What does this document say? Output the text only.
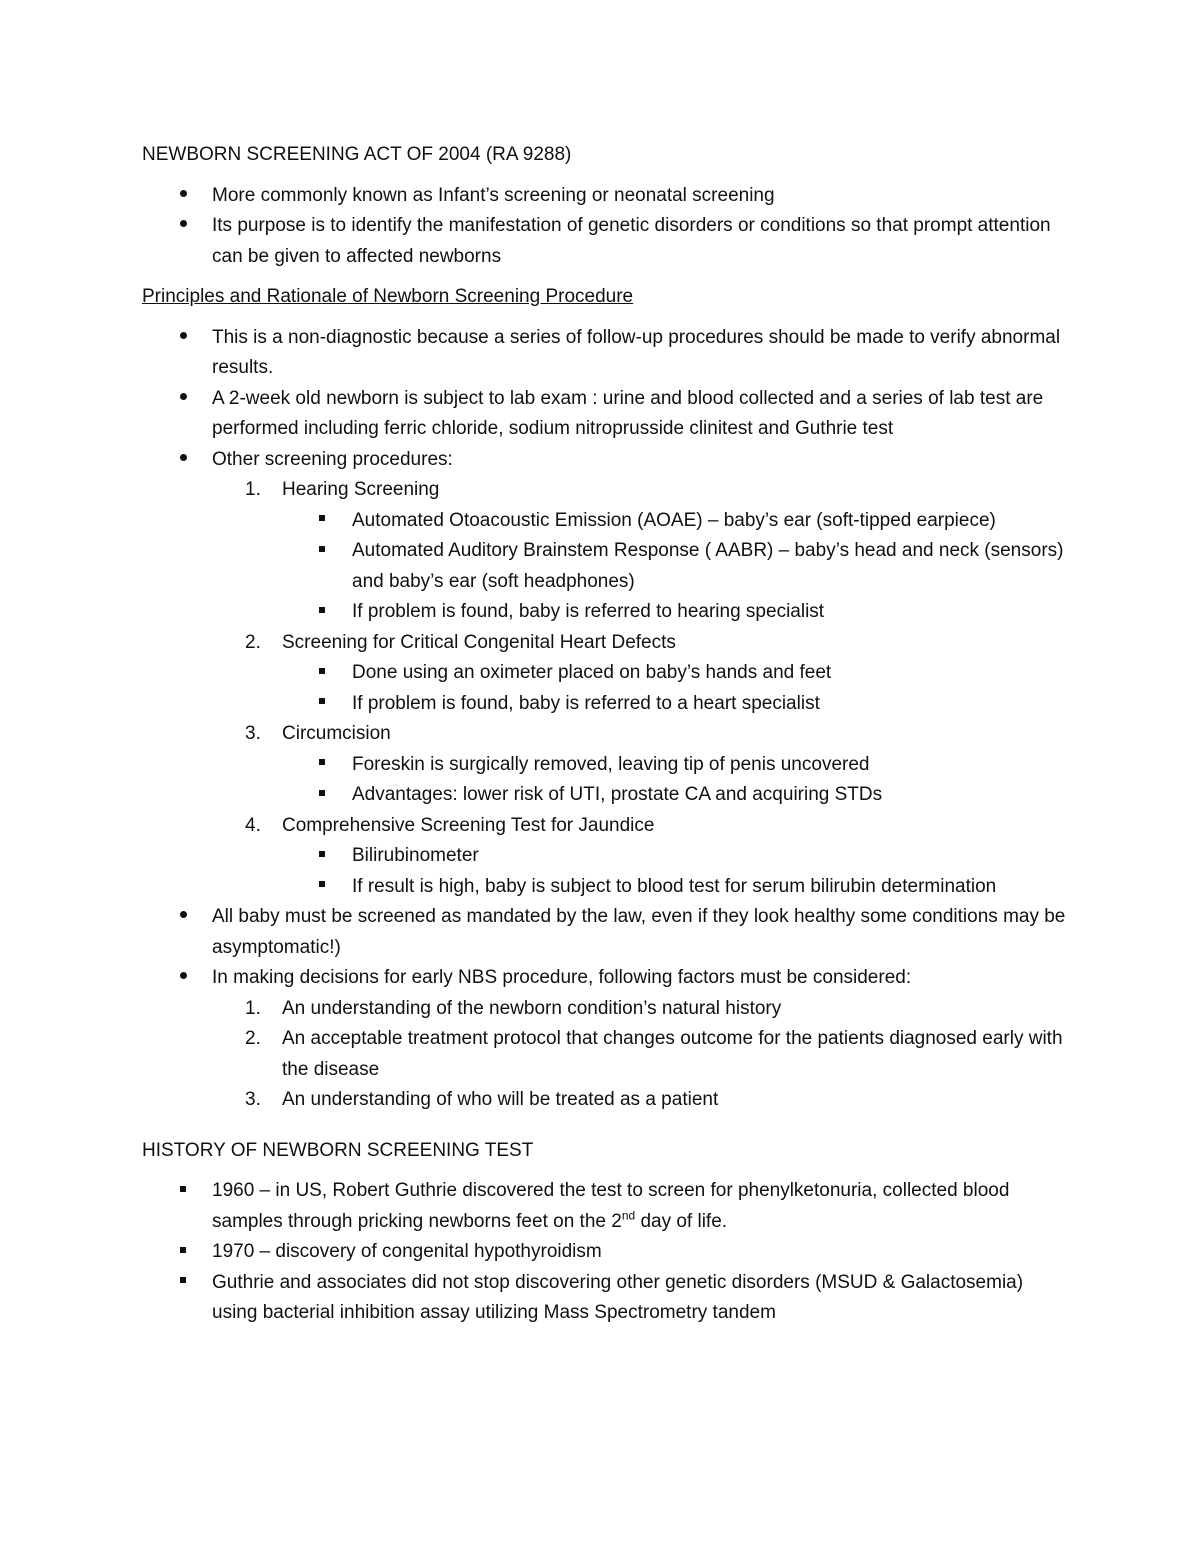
NEWBORN SCREENING ACT OF 2004 (RA 9288)

More commonly known as Infant’s screening or neonatal screening
Its purpose is to identify the manifestation of genetic disorders or conditions so that prompt attention can be given to affected newborns

Principles and Rationale of Newborn Screening Procedure

This is a non-diagnostic because a series of follow-up procedures should be made to verify abnormal results.
A 2-week old newborn is subject to lab exam : urine and blood collected and a series of lab test are performed including ferric chloride, sodium nitroprusside clinitest and Guthrie test
Other screening procedures:
1. Hearing Screening
Automated Otoacoustic Emission (AOAE) – baby’s ear (soft-tipped earpiece)
Automated Auditory Brainstem Response ( AABR) – baby’s head and neck (sensors) and baby’s ear (soft headphones)
If problem is found, baby is referred to hearing specialist
2. Screening for Critical Congenital Heart Defects
Done using an oximeter placed on baby’s hands and feet
If problem is found, baby is referred to a heart specialist
3. Circumcision
Foreskin is surgically removed, leaving tip of penis uncovered
Advantages: lower risk of UTI, prostate CA and acquiring STDs
4. Comprehensive Screening Test for Jaundice
Bilirubinometer
If result is high, baby is subject to blood test for serum bilirubin determination
All baby must be screened as mandated by the law, even if they look healthy some conditions may be asymptomatic!)
In making decisions for early NBS procedure, following factors must be considered:
1. An understanding of the newborn condition’s natural history
2. An acceptable treatment protocol that changes outcome for the patients diagnosed early with the disease
3. An understanding of who will be treated as a patient

HISTORY OF NEWBORN SCREENING TEST

1960 – in US, Robert Guthrie discovered the test to screen for phenylketonuria, collected blood samples through pricking newborns feet on the 2nd day of life.
1970 – discovery of congenital hypothyroidism
Guthrie and associates did not stop discovering other genetic disorders (MSUD & Galactosemia) using bacterial inhibition assay utilizing Mass Spectrometry tandem
